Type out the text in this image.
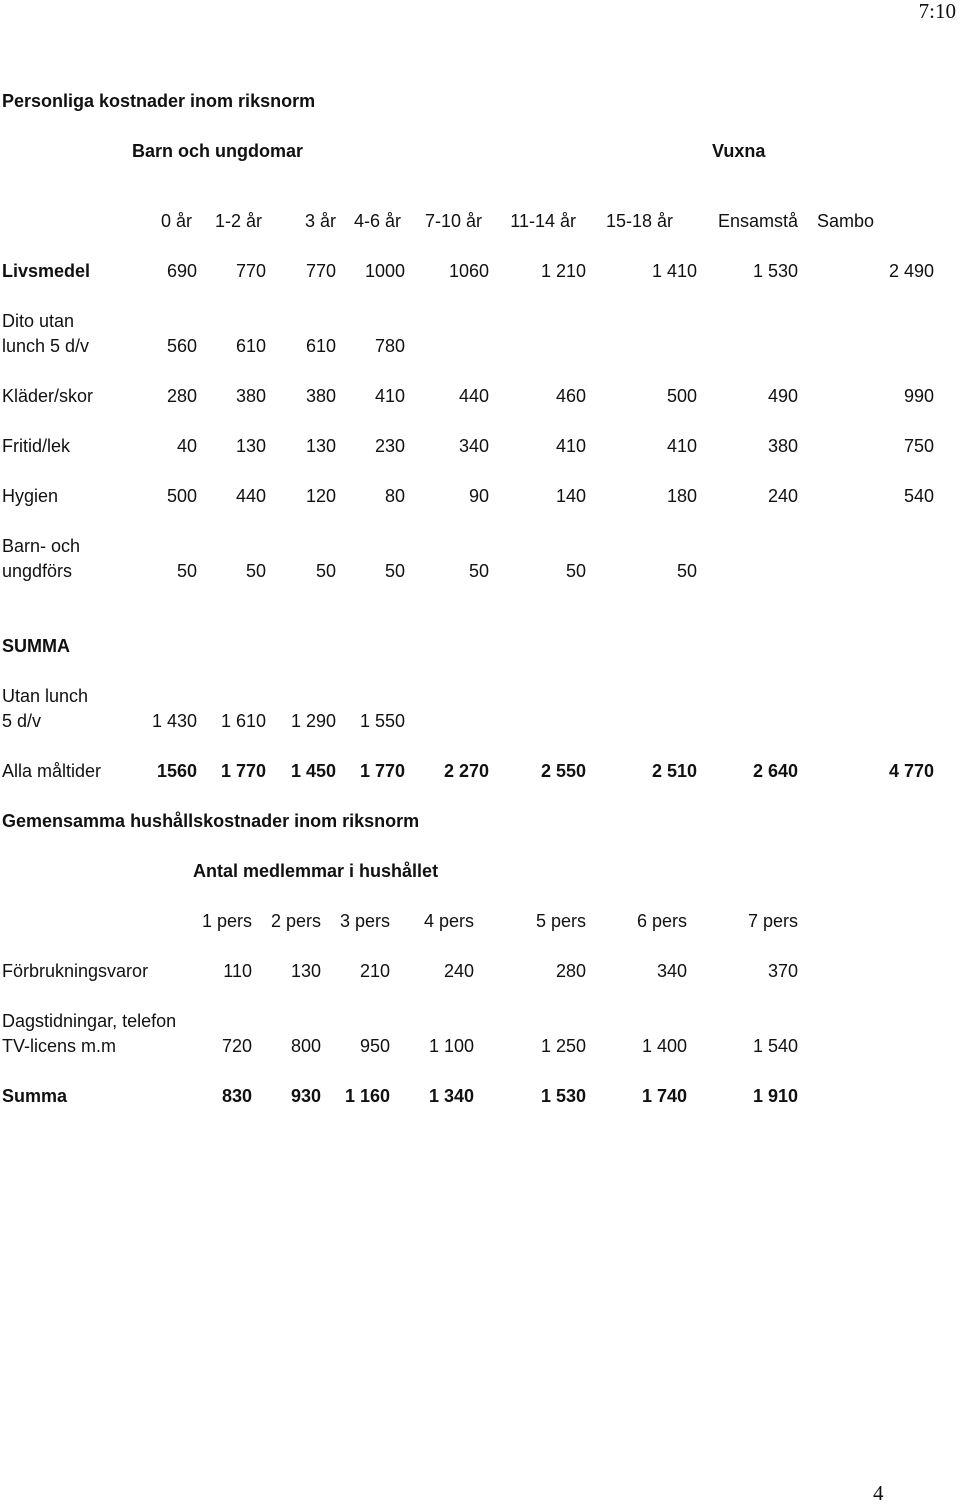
7:10
4
Personliga kostnader inom riksnorm
Barn och ungdomar	Vuxna
0 år	1-2 år	3 år 4-6 år	7-10 år	11-14 år	15-18 år	Ensamstå	Sambo
Livsmedel	690	770	770	1000	1060	1 210	1 410	1 530	2 490
Dito utan
lunch 5 d/v	560	610	610	780
Kläder/skor	280	380	380	410	440	460	500	490	990
Fritid/lek	40	130	130	230	340	410	410	380	750
Hygien	500	440	120	80	90	140	180	240	540
Barn- och
ungdförs	50	50	50	50	50	50	50
Utan lunch
5 d/v	1 430	1 610	1 290	1 550
Alla måltider	1560	1 770	1 450	1 770	2 270	2 550	2 510	2 640	4 770
SUMMA
Gemensamma hushållskostnader inom riksnorm
Antal medlemmar i hushållet
1 pers	2 pers	3 pers	4 pers	5 pers	6 pers	7 pers
Förbrukningsvaror	110	130	210	240	280	340	370
Dagstidningar, telefon
TV-licens m.m	720	800	950	1 100	1 250	1 400	1 540
Summa	830	930	1 160	1 340	1 530	1 740	1 910
